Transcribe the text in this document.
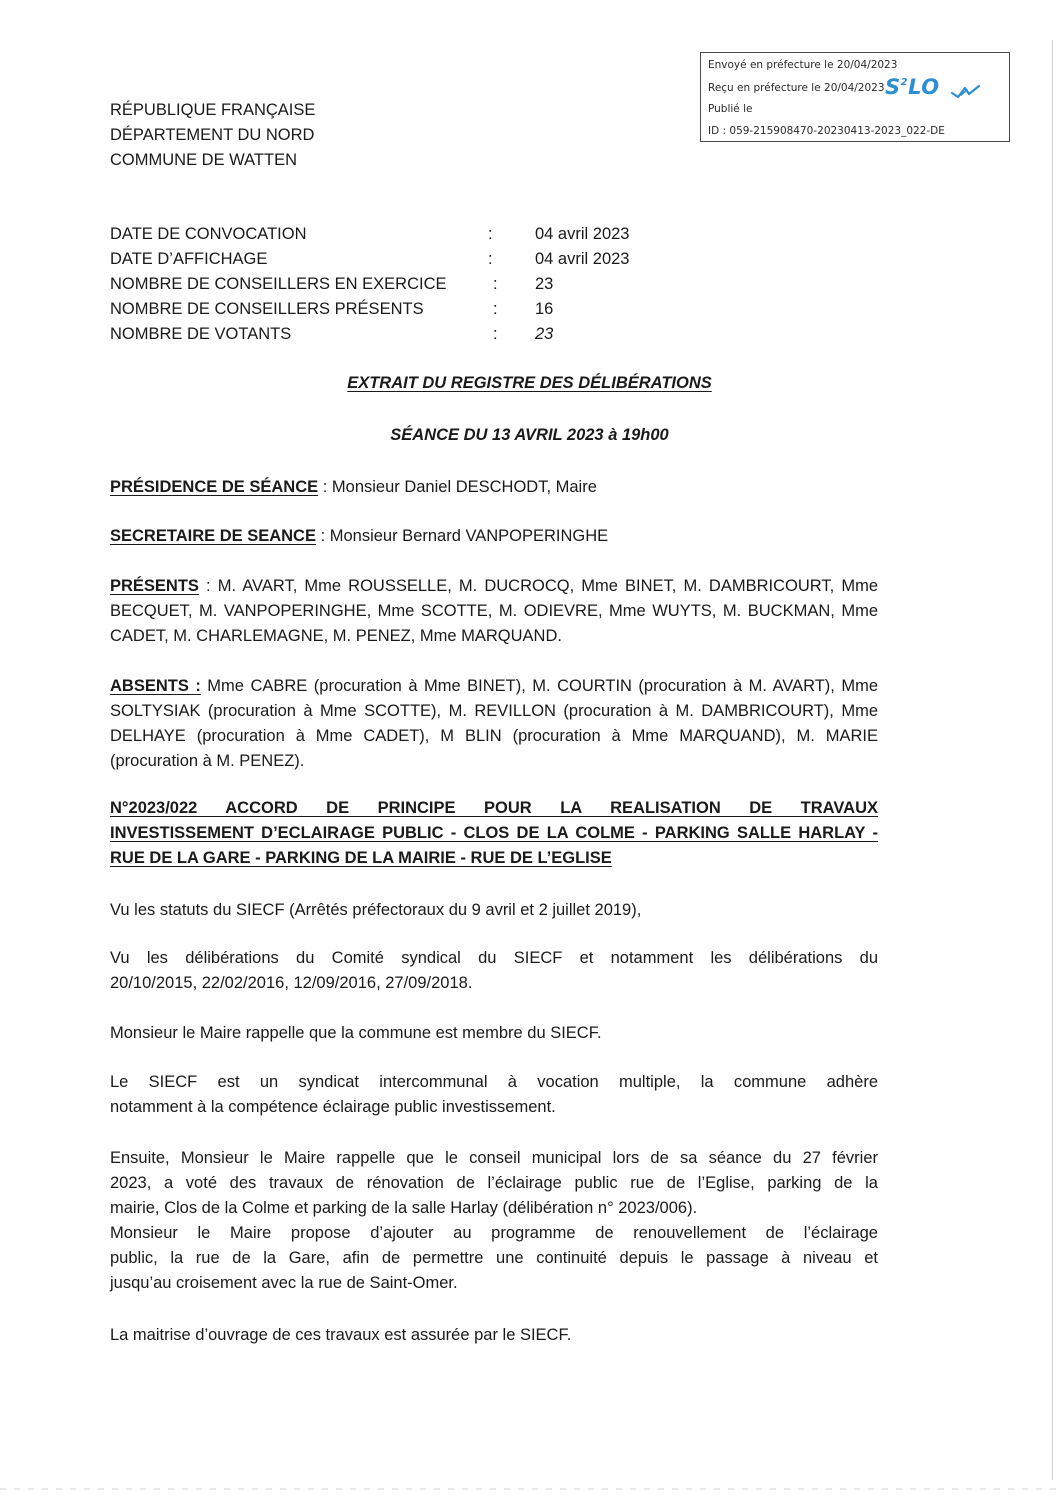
Envoyé en préfecture le 20/04/2023
Reçu en préfecture le 20/04/2023
Publié le
ID : 059-215908470-20230413-2023_022-DE
$S^2LO$
RÉPUBLIQUE FRANÇAISE
DÉPARTEMENT DU NORD
COMMUNE DE WATTEN
DATE DE CONVOCATION	:	04 avril 2023
DATE D’AFFICHAGE	:	04 avril 2023
NOMBRE DE CONSEILLERS EN EXERCICE	: 23
NOMBRE DE CONSEILLERS PRÉSENTS	: 16
NOMBRE DE VOTANTS	: 23
EXTRAIT DU REGISTRE DES DÉLIBÉRATIONS
SÉANCE DU 13 AVRIL 2023 à 19h00
PRÉSIDENCE DE SÉANCE : Monsieur Daniel DESCHODT, Maire
SECRETAIRE DE SEANCE : Monsieur Bernard VANPOPERINGHE
PRÉSENTS : M. AVART, Mme ROUSSELLE, M. DUCROCQ, Mme BINET, M. DAMBRICOURT, Mme
BECQUET, M. VANPOPERINGHE, Mme SCOTTE, M. ODIEVRE, Mme WUYTS, M. BUCKMAN, Mme
CADET, M. CHARLEMAGNE, M. PENEZ, Mme MARQUAND.
ABSENTS : Mme CABRE (procuration à Mme BINET), M. COURTIN (procuration à M. AVART), Mme
SOLTYSIAK (procuration à Mme SCOTTE), M. REVILLON (procuration à M. DAMBRICOURT), Mme
DELHAYE (procuration à Mme CADET), M BLIN (procuration à Mme MARQUAND), M. MARIE
(procuration à M. PENEZ).
N°2023/022 ACCORD DE PRINCIPE POUR LA REALISATION DE TRAVAUX
INVESTISSEMENT D’ECLAIRAGE PUBLIC - CLOS DE LA COLME - PARKING SALLE HARLAY -
RUE DE LA GARE - PARKING DE LA MAIRIE - RUE DE L’EGLISE
Vu les statuts du SIECF (Arrêtés préfectoraux du 9 avril et 2 juillet 2019),
Vu les délibérations du Comité syndical du SIECF et notamment les délibérations du
20/10/2015, 22/02/2016, 12/09/2016, 27/09/2018.
Monsieur le Maire rappelle que la commune est membre du SIECF.
Le SIECF est un syndicat intercommunal à vocation multiple, la commune adhère
notamment à la compétence éclairage public investissement.
Ensuite, Monsieur le Maire rappelle que le conseil municipal lors de sa séance du 27 février
2023, a voté des travaux de rénovation de l’éclairage public rue de l’Eglise, parking de la
mairie, Clos de la Colme et parking de la salle Harlay (délibération n° 2023/006).
Monsieur le Maire propose d’ajouter au programme de renouvellement de l’éclairage
public, la rue de la Gare, afin de permettre une continuité depuis le passage à niveau et
jusqu’au croisement avec la rue de Saint-Omer.
La maitrise d’ouvrage de ces travaux est assurée par le SIECF.
